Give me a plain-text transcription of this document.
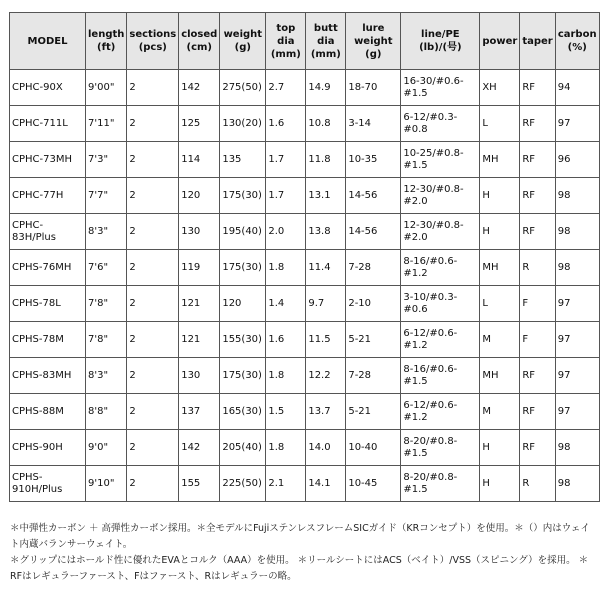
MODEL	length (ft)	sections (pcs)	closed (cm)	weight (g)	top dia (mm)	butt dia (mm)	lure weight (g)	line/PE (lb)/(号)	power	taper	carbon (%)
CPHC-90X	9'00"	2	142	275(50)	2.7	14.9	18-70	16-30/#0.6-#1.5	XH	RF	94
CPHC-711L	7'11"	2	125	130(20)	1.6	10.8	3-14	6-12/#0.3-#0.8	L	RF	97
CPHC-73MH	7'3"	2	114	135	1.7	11.8	10-35	10-25/#0.8-#1.5	MH	RF	96
CPHC-77H	7'7"	2	120	175(30)	1.7	13.1	14-56	12-30/#0.8-#2.0	H	RF	98
CPHC-83H/Plus	8'3"	2	130	195(40)	2.0	13.8	14-56	12-30/#0.8-#2.0	H	RF	98
CPHS-76MH	7'6"	2	119	175(30)	1.8	11.4	7-28	8-16/#0.6-#1.2	MH	R	98
CPHS-78L	7'8"	2	121	120	1.4	9.7	2-10	3-10/#0.3-#0.6	L	F	97
CPHS-78M	7'8"	2	121	155(30)	1.6	11.5	5-21	6-12/#0.6-#1.2	M	F	97
CPHS-83MH	8'3"	2	130	175(30)	1.8	12.2	7-28	8-16/#0.6-#1.5	MH	RF	97
CPHS-88M	8'8"	2	137	165(30)	1.5	13.7	5-21	6-12/#0.6-#1.2	M	RF	97
CPHS-90H	9'0"	2	142	205(40)	1.8	14.0	10-40	8-20/#0.8-#1.5	H	RF	98
CPHS-910H/Plus	9'10"	2	155	225(50)	2.1	14.1	10-45	8-20/#0.8-#1.5	H	R	98

＊中弾性カーボン ＋ 高弾性カーボン採用。＊全モデルにFujiステンレスフレームSICガイド（KRコンセプト）を使用。＊（）内はウェイト内蔵バランサーウェイト。

＊グリップにはホールド性に優れたEVAとコルク（AAA）を使用。 ＊リールシートにはACS（ベイト）/VSS（スピニング）を採用。 ＊RFはレギュラーファースト、Fはファースト、Rはレギュラーの略。
